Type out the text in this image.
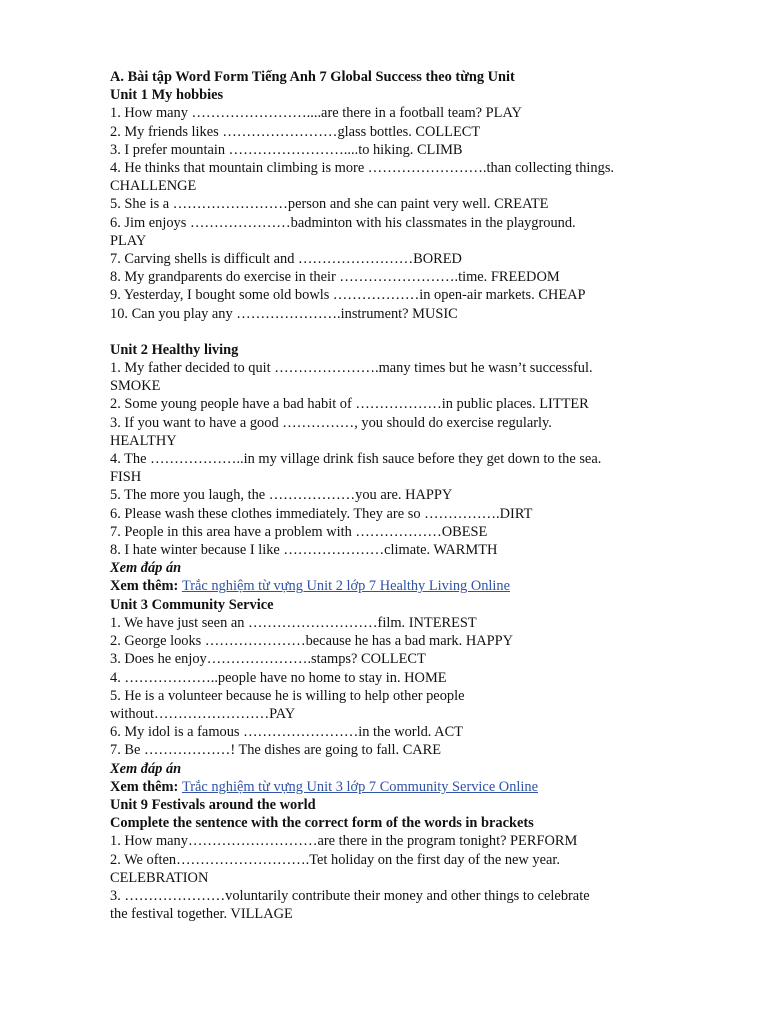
A. Bài tập Word Form Tiếng Anh 7 Global Success theo từng Unit

Unit 1 My hobbies

1. How many ……………………....are there in a football team? PLAY

2. My friends likes ……………………glass bottles. COLLECT

3. I prefer mountain ……………………....to hiking. CLIMB

4. He thinks that mountain climbing is more …………………….than collecting things.

CHALLENGE

5. She is a ……………………person and she can paint very well. CREATE

6. Jim enjoys …………………badminton with his classmates in the playground.

PLAY

7. Carving shells is difficult and ……………………BORED

8. My grandparents do exercise in their …………………….time. FREEDOM

9. Yesterday, I bought some old bowls ………………in open-air markets. CHEAP

10. Can you play any ………………….instrument? MUSIC

Unit 2 Healthy living

1. My father decided to quit ………………….many times but he wasn’t successful.

SMOKE

2. Some young people have a bad habit of ………………in public places. LITTER

3. If you want to have a good ……………, you should do exercise regularly.

HEALTHY

4. The ………………..in my village drink fish sauce before they get down to the sea.

FISH

5. The more you laugh, the ………………you are. HAPPY

6. Please wash these clothes immediately. They are so …………….DIRT

7. People in this area have a problem with ………………OBESE

8. I hate winter because I like …………………climate. WARMTH

Xem đáp án

Xem thêm: Trắc nghiệm từ vựng Unit 2 lớp 7 Healthy Living Online

Unit 3 Community Service

1. We have just seen an ………………………film. INTEREST

2. George looks …………………because he has a bad mark. HAPPY

3. Does he enjoy………………….stamps? COLLECT

4. ………………..people have no home to stay in. HOME

5. He is a volunteer because he is willing to help other people

without……………………PAY

6. My idol is a famous ……………………in the world. ACT

7. Be ………………! The dishes are going to fall. CARE

Xem đáp án

Xem thêm: Trắc nghiệm từ vựng Unit 3 lớp 7 Community Service Online

Unit 9 Festivals around the world

Complete the sentence with the correct form of the words in brackets

1. How many………………………are there in the program tonight? PERFORM

2. We often……………………….Tet holiday on the first day of the new year.

CELEBRATION

3. …………………voluntarily contribute their money and other things to celebrate

the festival together. VILLAGE
